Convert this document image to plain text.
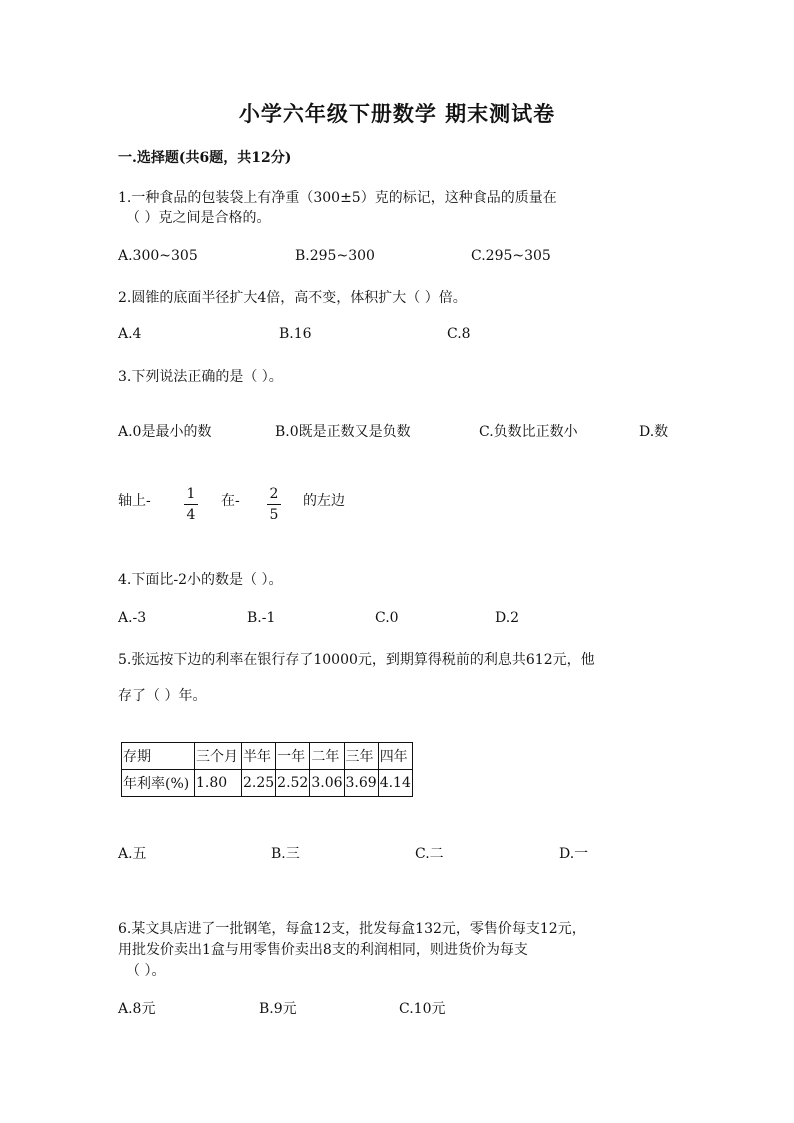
小学六年级下册数学 期末测试卷
一.选择题(共6题，共12分)
1.一种食品的包装袋上有净重（300±5）克的标记，这种食品的质量在
（ ）克之间是合格的。
A.300~305	B.295~300	C.295~305
2.圆锥的底面半径扩大4倍，高不变，体积扩大（ ）倍。
A.4	B.16	C.8
3.下列说法正确的是（ ）。
A.0是最小的数	B.0既是正数又是负数	C.负数比正数小	D.数
轴上-	1
4
在- 2
5
的左边
4.下面比-2小的数是（ ）。
A.-3	B.-1	C.0	D.2
5.张远按下边的利率在银行存了10000元，到期算得税前的利息共612元，他
存了（ ）年。
存期	三个月	半年	一年	二年	三年	四年
年利率(%)	1.80	2.25	2.52	3.06	3.69	4.14
A.五	B.三	C.二	D.一
6.某文具店进了一批钢笔，每盒12支，批发每盒132元，零售价每支12元，
用批发价卖出1盒与用零售价卖出8支的利润相同，则进货价为每支
（ ）。
A.8元	B.9元	C.10元
